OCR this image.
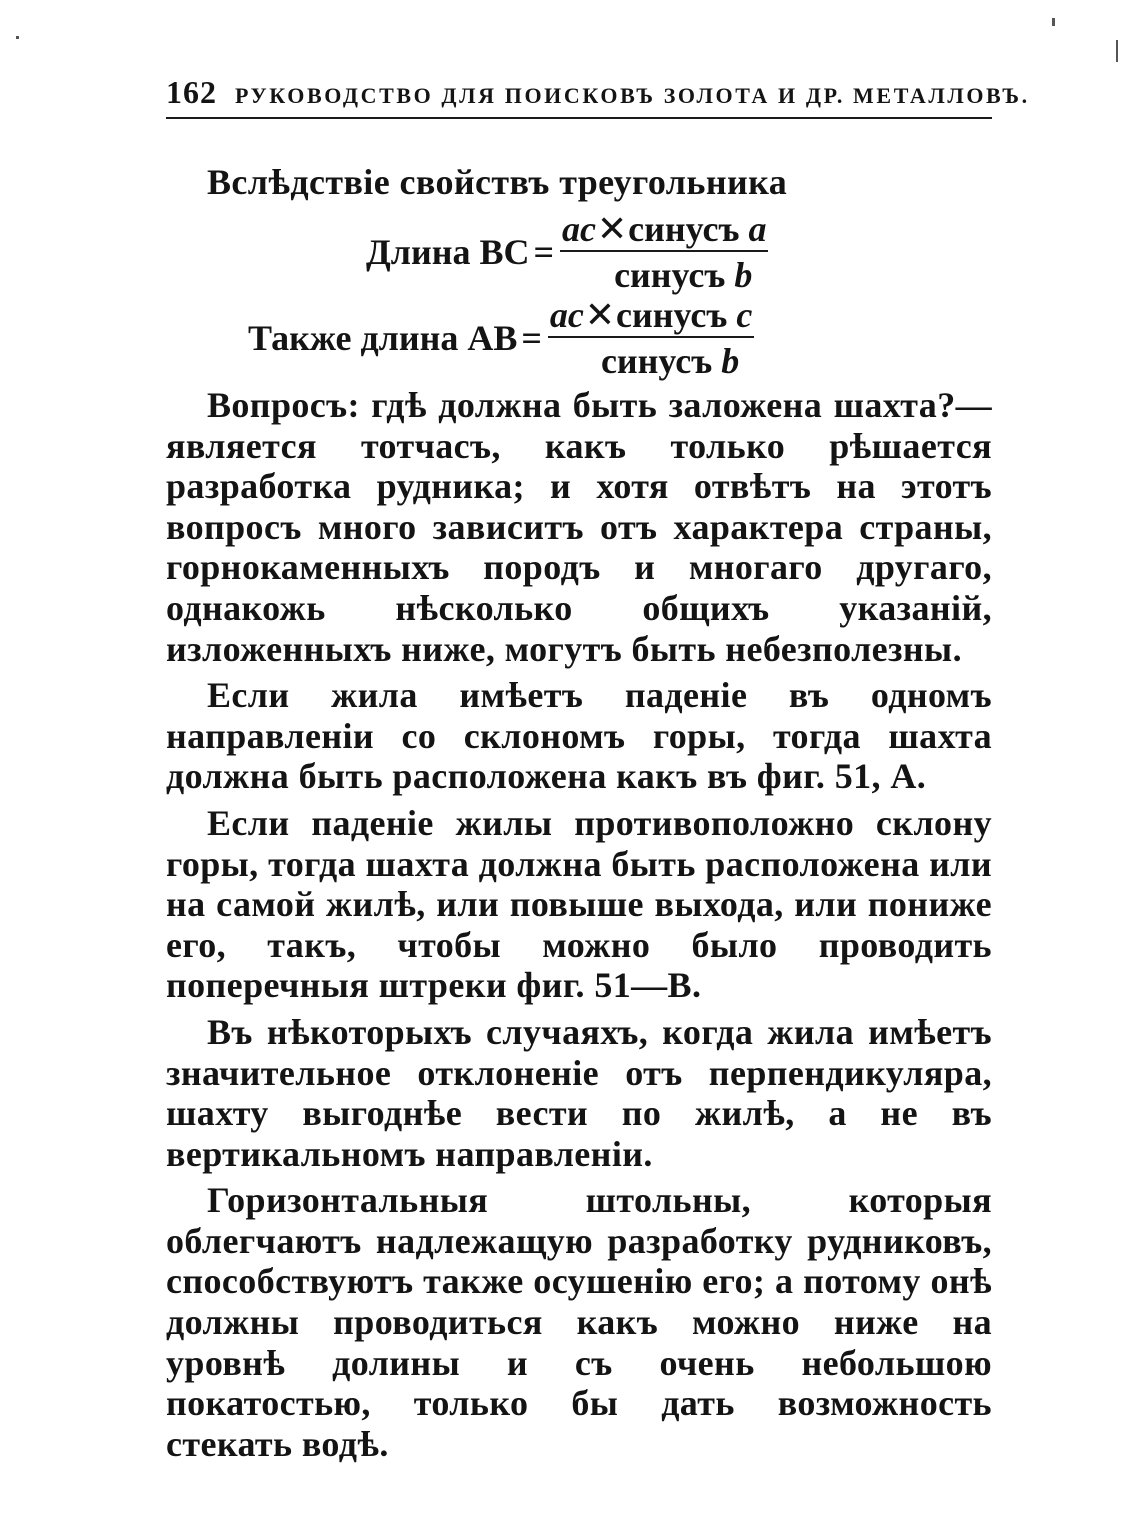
162 РУКОВОДСТВО ДЛЯ ПОИСКОВЪ ЗОЛОТА И ДР. МЕТАЛЛОВЪ.
Вслѣдствіе свойствъ треугольника
Длина ВС = $\frac{\text{ас✕синусъ а}}{\text{синусъ b}}$
Также длина АВ = $\frac{\text{ас✕синусъ с}}{\text{синусъ b}}$

Вопросъ: гдѣ должна быть заложена шахта?—является тотчасъ, какъ только рѣшается разработка рудника; и хотя отвѣтъ на этотъ вопросъ много зависитъ отъ характера страны, горнокаменныхъ породъ и многаго другаго, однакожь нѣсколько общихъ указаній, изложенныхъ ниже, могутъ быть небезполезны.

Если жила имѣетъ паденіе въ одномъ направленіи со склономъ горы, тогда шахта должна быть расположена какъ въ фиг. 51, А.

Если паденіе жилы противоположно склону горы, тогда шахта должна быть расположена или на самой жилѣ, или повыше выхода, или пониже его, такъ, чтобы можно было проводить поперечныя штреки фиг. 51—В.

Въ нѣкоторыхъ случаяхъ, когда жила имѣетъ значительное отклоненіе отъ перпендикуляра, шахту выгоднѣе вести по жилѣ, а не въ вертикальномъ направленіи.

Горизонтальныя штольны, которыя облегчаютъ надлежащую разработку рудниковъ, способствуютъ также осушенію его; а потому онѣ должны проводиться какъ можно ниже на уровнѣ долины и съ очень небольшою покатостью, только бы дать возможность стекать водѣ.
